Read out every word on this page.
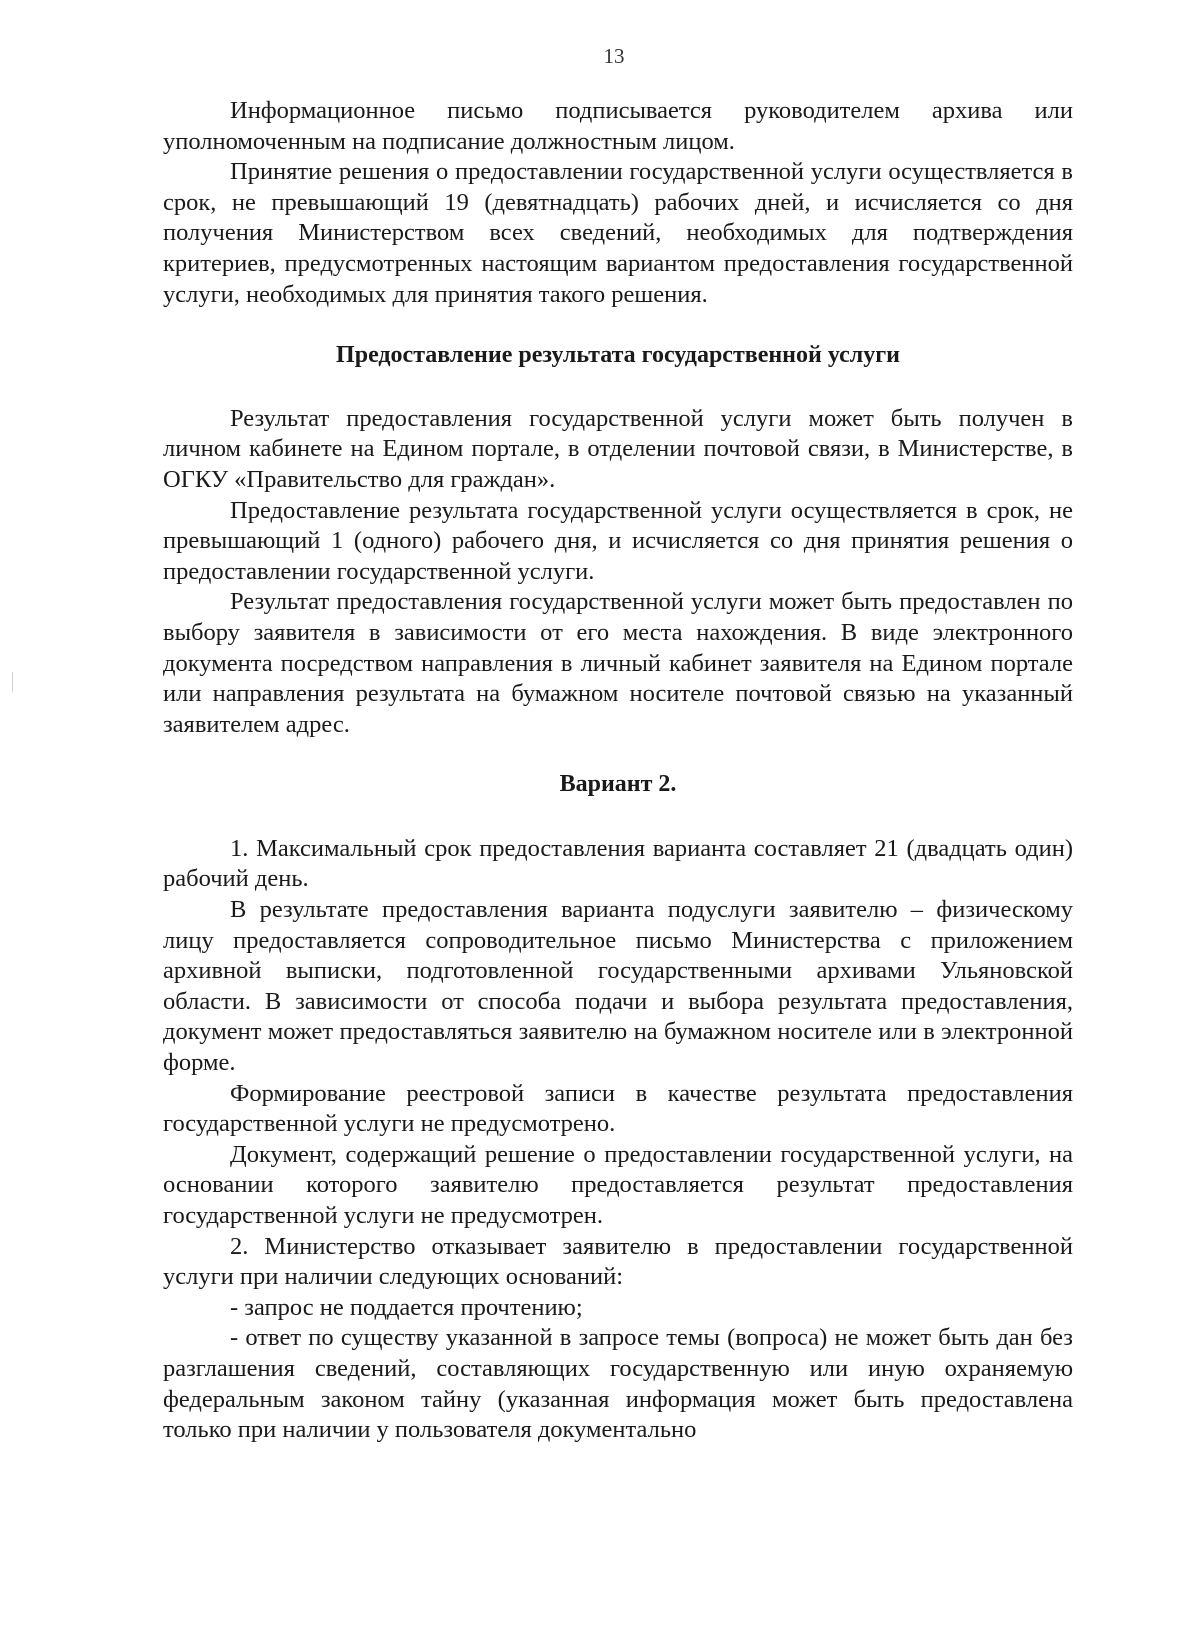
13

Информационное письмо подписывается руководителем архива или уполномоченным на подписание должностным лицом.

Принятие решения о предоставлении государственной услуги осуществляется в срок, не превышающий 19 (девятнадцать) рабочих дней, и исчисляется со дня получения Министерством всех сведений, необходимых для подтверждения критериев, предусмотренных настоящим вариантом предоставления государственной услуги, необходимых для принятия такого решения.

Предоставление результата государственной услуги

Результат предоставления государственной услуги может быть получен в личном кабинете на Едином портале, в отделении почтовой связи, в Министерстве, в ОГКУ «Правительство для граждан».

Предоставление результата государственной услуги осуществляется в срок, не превышающий 1 (одного) рабочего дня, и исчисляется со дня принятия решения о предоставлении государственной услуги.

Результат предоставления государственной услуги может быть предоставлен по выбору заявителя в зависимости от его места нахождения. В виде электронного документа посредством направления в личный кабинет заявителя на Едином портале или направления результата на бумажном носителе почтовой связью на указанный заявителем адрес.

Вариант 2.

1. Максимальный срок предоставления варианта составляет 21 (двадцать один) рабочий день.

В результате предоставления варианта подуслуги заявителю – физическому лицу предоставляется сопроводительное письмо Министерства с приложением архивной выписки, подготовленной государственными архивами Ульяновской области. В зависимости от способа подачи и выбора результата предоставления, документ может предоставляться заявителю на бумажном носителе или в электронной форме.

Формирование реестровой записи в качестве результата предоставления государственной услуги не предусмотрено.

Документ, содержащий решение о предоставлении государственной услуги, на основании которого заявителю предоставляется результат предоставления государственной услуги не предусмотрен.

2. Министерство отказывает заявителю в предоставлении государственной услуги при наличии следующих оснований:

- запрос не поддается прочтению;

- ответ по существу указанной в запросе темы (вопроса) не может быть дан без разглашения сведений, составляющих государственную или иную охраняемую федеральным законом тайну (указанная информация может быть предоставлена только при наличии у пользователя документально
